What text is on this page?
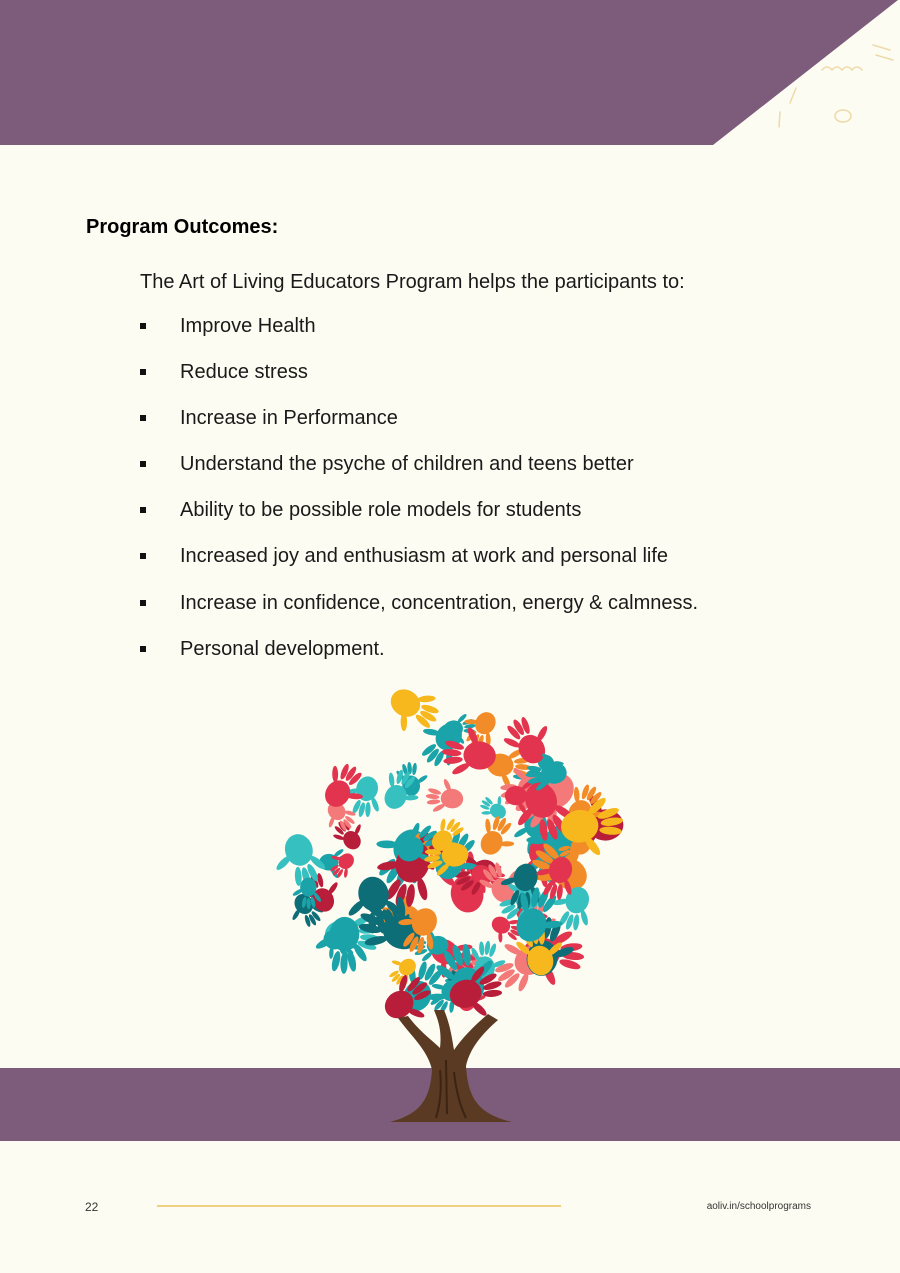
Program Outcomes:
The Art of Living Educators Program helps the participants to:
Improve Health
Reduce stress
Increase in Performance
Understand the psyche of children and teens better
Ability to be possible role models for students
Increased joy and enthusiasm at work and personal life
Increase in confidence, concentration, energy & calmness.
Personal development.
22	aoliv.in/schoolprograms
